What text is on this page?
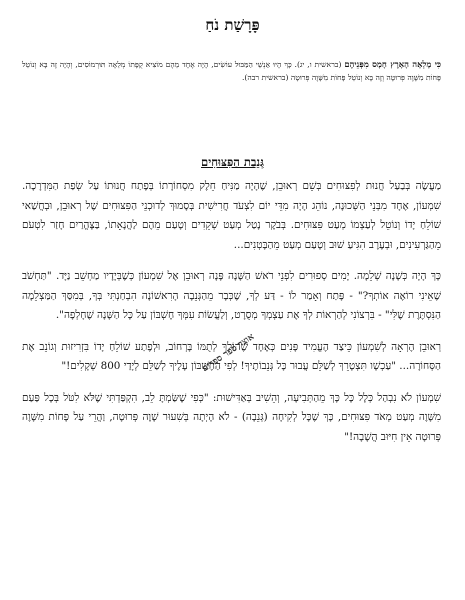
פָּרָשַׁת נֹחַ
כִּי מָלְאָה הָאָרֶץ חָמָס מִפְּנֵיהֶם (בראשית ו, יג). כָּךְ הָיוּ אַנְשֵׁי הַמַּבּוּל עוֹשִׂים, הָיָה אֶחָד מֵהֶם מוֹצִיא קֻפָּתוֹ מְלֵאָה תּוּרְמוֹסִים, וְהָיָה זֶה בָּא וְנוֹטֵל פָּחוֹת מִשָּׁוֶה פְּרוּטָה וְזֶה בָּא וְנוֹטֵל פָּחוֹת מִשָּׁוֶה פְּרוּטָה (בראשית רבה).
גְּנֵבַת הַפִּצּוּחִים

מַעֲשֶׂה בְּבַעַל חֲנוּת לְפִצּוּחִים בְּשֵׁם רְאוּבֵן, שֶׁהָיָה מַנִּיחַ חֵלֶק מִסְחוֹרָתוֹ בְּפֶתַח חֲנוּתוֹ עַל שְׂפַת הַמִּדְרָכָה. שִׁמְעוֹן, אֶחָד מִבְּנֵי הַשְּׁכוּנָה, נוֹהֵג הָיָה מִדֵּי יוֹם לִצְעֹד חֲרִישִׁית בְּסָמוּךְ לְדוּכְנֵי הַפִּצּוּחִים שֶׁל רְאוּבֵן, וּבְחֲשַׁאי שׁוֹלֵחַ יָדוֹ וְנוֹטֵל לְעַצְמוֹ מְעַט פִּצּוּחִים. בְּבֹקֶר נָטַל מְעַט שְׁקֵדִים וְטָעַם מֵהֶם לַהֲנָאָתוֹ, בַּצָּהֳרַיִם חָזַר לִטְעֹם מֵהַגַּרְעִינִים, וּבְעֶרֶב הִגִּיעַ שׁוּב וְטָעַם מְעַט מֵהַבָּטְנִים...

כָּךְ הָיָה כְּשָׁנָה שְׁלֵמָה. יָמִים סְפוּרִים לִפְנֵי רֹאשׁ הַשָּׁנָה פָּנָה רְאוּבֵן אֶל שִׁמְעוֹן כְּשֶׁבְּיָדָיו מַחְשֵׁב נַיָּד. "תַּחְשֹׁב שֶׁאֵינִי רוֹאֶה אוֹתְךָ?" - פָּתַח וְאָמַר לוֹ - דַּע לְךָ, שֶׁכְּבָר מֵהַגְּנֵבָה הָרִאשׁוֹנָה הִבְחַנְתִּי בְּךָ, בְּמִסַּךְ הַמַּצְלֵמָה הַנִּסְתֶּרֶת שֶׁלִּי" - בִּרְצוֹנִי לְהַרְאוֹת לְךָ אֶת עַצְמְךָ מְסֻרָט, וְלַעֲשׂוֹת עִמְּךָ חֶשְׁבּוֹן עַל כָּל הַשָּׁנָה שֶׁחָלְפָה".

רְאוּבֵן הֶרְאָה לְשִׁמְעוֹן כֵּיצַד הֶעֱמִיד פָּנִים כְּאֶחָד שֶׁהוֹלֵךְ לְתֻמּוֹ בָּרְחוֹב, וּלְפֶתַע שׁוֹלֵחַ יָדוֹ בִּזְרִיזוּת וְגוֹנֵב אֶת הַסְּחוֹרָה... "עַכְשָׁו תִּצְטָרֵךְ לְשַׁלֵּם עֲבוּר כָּל גְּנֵבוֹתֶיךָ! לְפִי הַחֶשְׁבּוֹן עָלֶיךָ לְשַׁלֵּם לְיָדַי 800 שְׁקָלִים!"

שִׁמְעוֹן לֹא נִבְהַל כְּלָל כָּל כָּךְ מֵהַתְּבִיעָה, וְהֵשִׁיב בְּאַדִּישׁוּת: "כְּפִי שֶׁשַּׂמְתָּ לֵב, הִקְפַּדְתִּי שֶׁלֹּא לִטֹּל בְּכָל פַּעַם מִשָּׁוֶה מְעַט מְאֹד פִּצּוּחִים, כָּךְ שֶׁכָּל לְקִיחָה (גְּנֵבָה) - לֹא הָיְתָה בְּשִׁעוּר שָׁוֶה פְּרוּטָה, וַהֲרֵי עַל פָּחוֹת מִשָּׁוֶה פְּרוּטָה אֵין חִיּוּב הֲשָׁבָה!"

אוצר ספר ספרים
